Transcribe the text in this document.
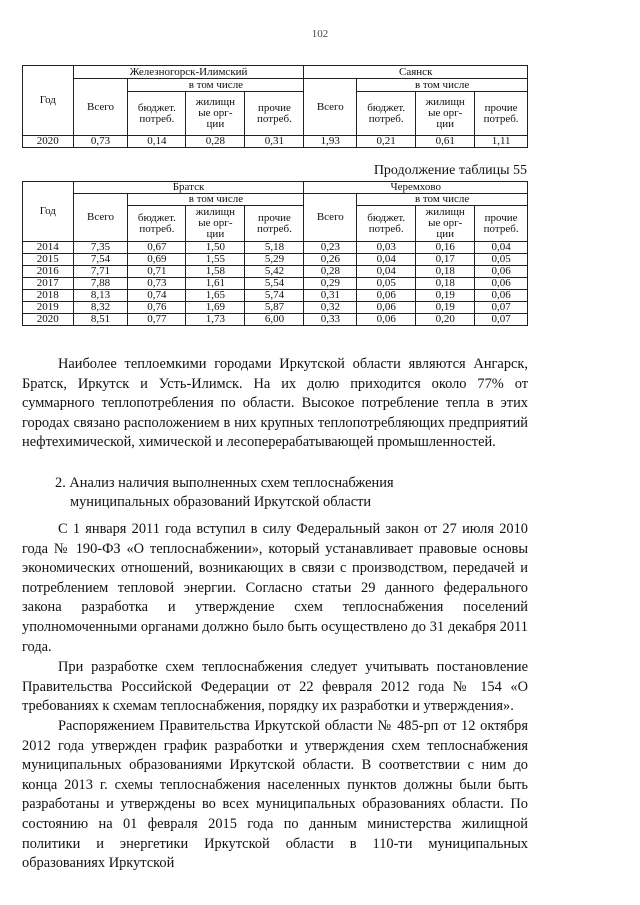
102
Год	Железногорск-Илимский				Саянск			
	Всего	в том числе			Всего	в том числе		
		бюджет. потреб.	жилищн ые орг- ции	прочие потреб.		бюджет. потреб.	жилищн ые орг- ции	прочие потреб.
2020	0,73	0,14	0,28	0,31	1,93	0,21	0,61	1,11
Продолжение таблицы 55
Год	Братск				Черемхово			
	Всего	в том числе			Всего	в том числе		
		бюджет. потреб.	жилищн ые орг- ции	прочие потреб.		бюджет. потреб.	жилищн ые орг- ции	прочие потреб.
2014	7,35	0,67	1,50	5,18	0,23	0,03	0,16	0,04
2015	7,54	0,69	1,55	5,29	0,26	0,04	0,17	0,05
2016	7,71	0,71	1,58	5,42	0,28	0,04	0,18	0,06
2017	7,88	0,73	1,61	5,54	0,29	0,05	0,18	0,06
2018	8,13	0,74	1,65	5,74	0,31	0,06	0,19	0,06
2019	8,32	0,76	1,69	5,87	0,32	0,06	0,19	0,07
2020	8,51	0,77	1,73	6,00	0,33	0,06	0,20	0,07

Наиболее теплоемкими городами Иркутской области являются Ангарск, Братск, Иркутск и Усть-Илимск. На их долю приходится около 77% от суммарного теплопотребления по области. Высокое потребление тепла в этих городах связано расположением в них крупных теплопотребляющих предприятий нефтехимической, химической и лесоперерабатывающей промышленностей.

2. Анализ наличия выполненных схем теплоснабжения
муниципальных образований Иркутской области

С 1 января 2011 года вступил в силу Федеральный закон от 27 июля 2010 года № 190-ФЗ «О теплоснабжении», который устанавливает правовые основы экономических отношений, возникающих в связи с производством, передачей и потреблением тепловой энергии. Согласно статьи 29 данного федерального закона разработка и утверждение схем теплоснабжения поселений уполномоченными органами должно было быть осуществлено до 31 декабря 2011 года.

При разработке схем теплоснабжения следует учитывать постановление Правительства Российской Федерации от 22 февраля 2012 года № 154 «О требованиях к схемам теплоснабжения, порядку их разработки и утверждения».

Распоряжением Правительства Иркутской области № 485-рп от 12 октября 2012 года утвержден график разработки и утверждения схем теплоснабжения муниципальных образованиями Иркутской области. В соответствии с ним до конца 2013 г. схемы теплоснабжения населенных пунктов должны были быть разработаны и утверждены во всех муниципальных образованиях области. По состоянию на 01 февраля 2015 года по данным министерства жилищной политики и энергетики Иркутской области в 110-ти муниципальных образованиях Иркутской
